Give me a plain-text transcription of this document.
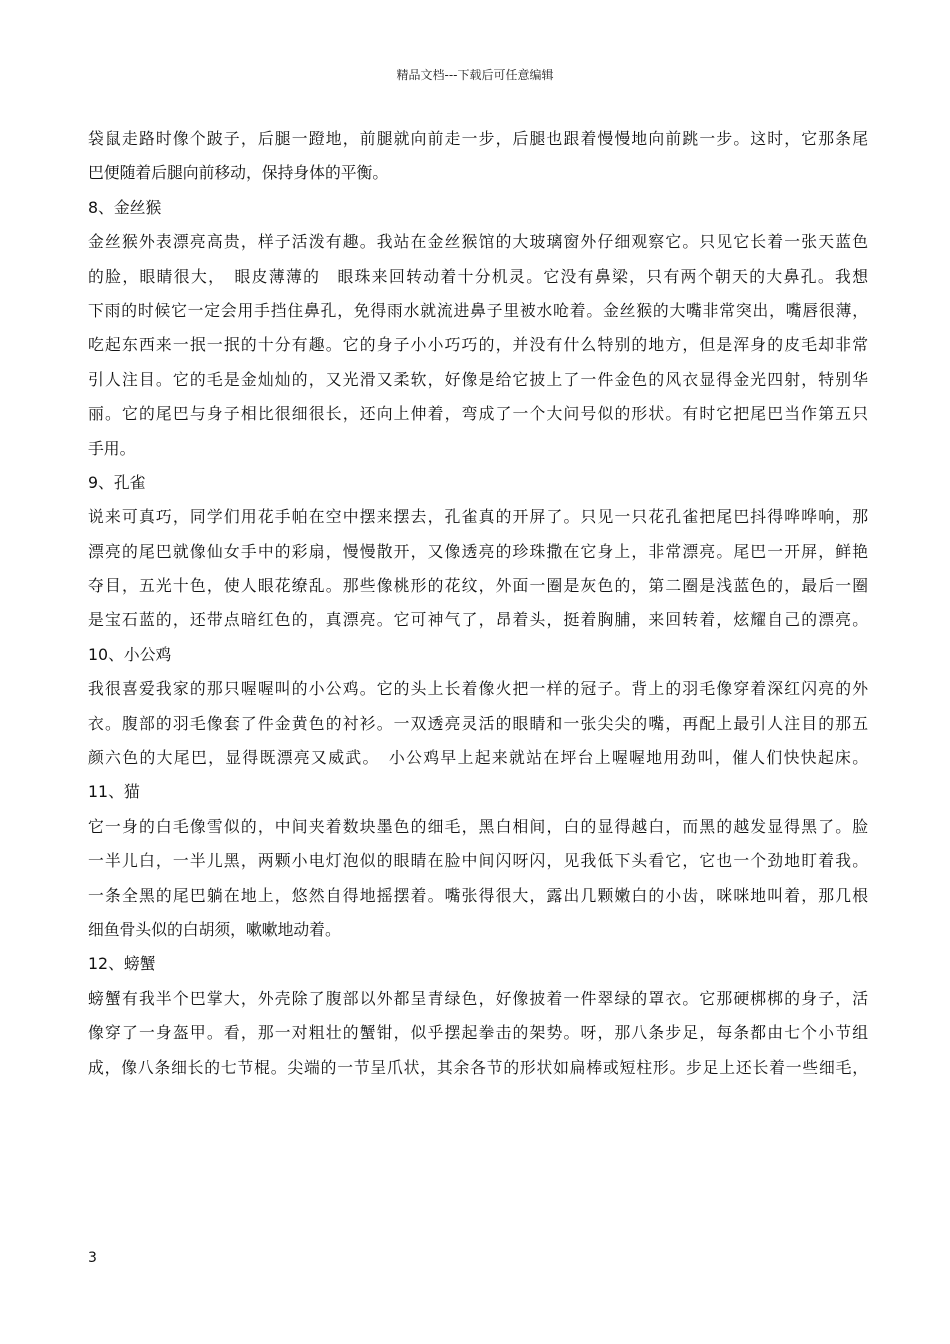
精品文档---下载后可任意编辑
袋鼠走路时像个跛子，后腿一蹬地，前腿就向前走一步，后腿也跟着慢慢地向前跳一步。这时，它那条尾
巴便随着后腿向前移动，保持身体的平衡。
8、金丝猴
金丝猴外表漂亮高贵，样子活泼有趣。我站在金丝猴馆的大玻璃窗外仔细观察它。只见它长着一张天蓝色
的脸，眼睛很大，　眼皮薄薄的　眼珠来回转动着十分机灵。它没有鼻梁，只有两个朝天的大鼻孔。我想
下雨的时候它一定会用手挡住鼻孔，免得雨水就流进鼻子里被水呛着。金丝猴的大嘴非常突出，嘴唇很薄，
吃起东西来一抿一抿的十分有趣。它的身子小小巧巧的，并没有什么特别的地方，但是浑身的皮毛却非常
引人注目。它的毛是金灿灿的，又光滑又柔软，好像是给它披上了一件金色的风衣显得金光四射，特别华
丽。它的尾巴与身子相比很细很长，还向上伸着，弯成了一个大问号似的形状。有时它把尾巴当作第五只
手用。
9、孔雀
说来可真巧，同学们用花手帕在空中摆来摆去，孔雀真的开屏了。只见一只花孔雀把尾巴抖得哗哗响，那
漂亮的尾巴就像仙女手中的彩扇，慢慢散开，又像透亮的珍珠撒在它身上，非常漂亮。尾巴一开屏，鲜艳
夺目，五光十色，使人眼花缭乱。那些像桃形的花纹，外面一圈是灰色的，第二圈是浅蓝色的，最后一圈
是宝石蓝的，还带点暗红色的，真漂亮。它可神气了，昂着头，挺着胸脯，来回转着，炫耀自己的漂亮。
10、小公鸡
我很喜爱我家的那只喔喔叫的小公鸡。它的头上长着像火把一样的冠子。背上的羽毛像穿着深红闪亮的外
衣。腹部的羽毛像套了件金黄色的衬衫。一双透亮灵活的眼睛和一张尖尖的嘴，再配上最引人注目的那五
颜六色的大尾巴，显得既漂亮又威武。　小公鸡早上起来就站在坪台上喔喔地用劲叫，催人们快快起床。
11、猫
它一身的白毛像雪似的，中间夹着数块墨色的细毛，黑白相间，白的显得越白，而黑的越发显得黑了。脸
一半儿白，一半儿黑，两颗小电灯泡似的眼睛在脸中间闪呀闪，见我低下头看它，它也一个劲地盯着我。
一条全黑的尾巴躺在地上，悠然自得地摇摆着。嘴张得很大，露出几颗嫩白的小齿，咪咪地叫着，那几根
细鱼骨头似的白胡须，嗽嗽地动着。
12、螃蟹
螃蟹有我半个巴掌大，外壳除了腹部以外都呈青绿色，好像披着一件翠绿的罩衣。它那硬梆梆的身子，活
像穿了一身盔甲。看，那一对粗壮的蟹钳，似乎摆起拳击的架势。呀，那八条步足，每条都由七个小节组
成，像八条细长的七节棍。尖端的一节呈爪状，其余各节的形状如扁棒或短柱形。步足上还长着一些细毛，
3
